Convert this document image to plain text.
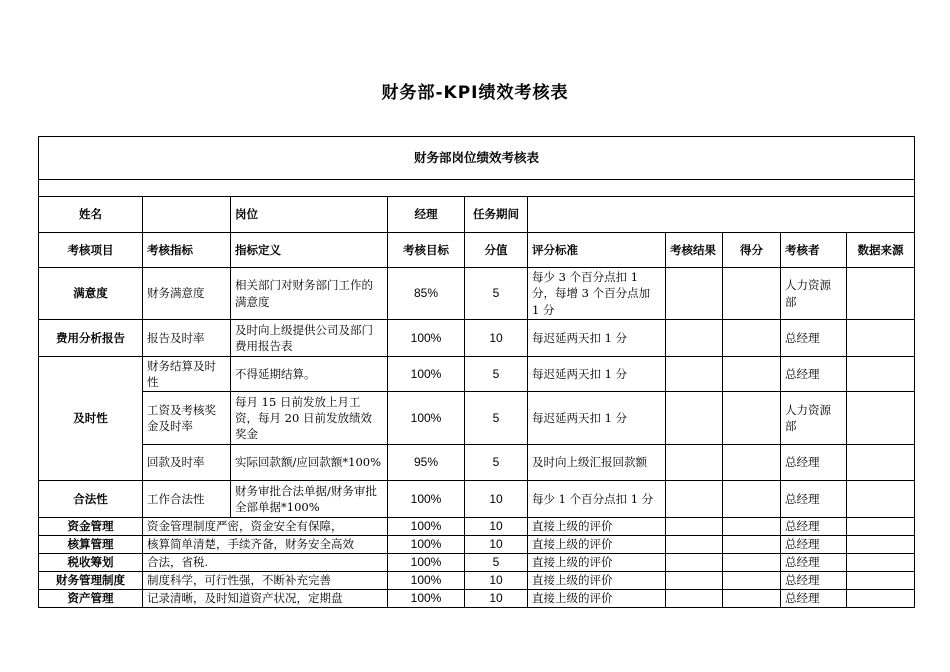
财务部-KPI绩效考核表
财务部岗位绩效考核表									

姓名		岗位	经理	任务期间					
考核项目	考核指标	指标定义	考核目标	分值	评分标准	考核结果	得分	考核者	数据来源
满意度	财务满意度	相关部门对财务部门工作的满意度	85%	5	每少 3 个百分点扣 1 分，每增 3 个百分点加 1 分			人力资源部	
费用分析报告	报告及时率	及时向上级提供公司及部门费用报告表	100%	10	每迟延两天扣 1 分			总经理	
及时性	财务结算及时性	不得延期结算。	100%	5	每迟延两天扣 1 分			总经理	
	工资及考核奖金及时率	每月 15 日前发放上月工资，每月 20 日前发放绩效奖金	100%	5	每迟延两天扣 1 分			人力资源部	
	回款及时率	实际回款额/应回款额*100%	95%	5	及时向上级汇报回款额			总经理	
合法性	工作合法性	财务审批合法单据/财务审批全部单据*100%	100%	10	每少 1 个百分点扣 1 分			总经理	
资金管理	资金管理制度严密，资金安全有保障，		100%	10	直接上级的评价			总经理	
核算管理	核算简单清楚，手续齐备，财务安全高效		100%	10	直接上级的评价			总经理	
税收筹划	合法，省税.		100%	5	直接上级的评价			总经理	
财务管理制度	制度科学，可行性强，不断补充完善		100%	10	直接上级的评价			总经理	
资产管理	记录清晰，及时知道资产状况，定期盘		100%	10	直接上级的评价			总经理	
